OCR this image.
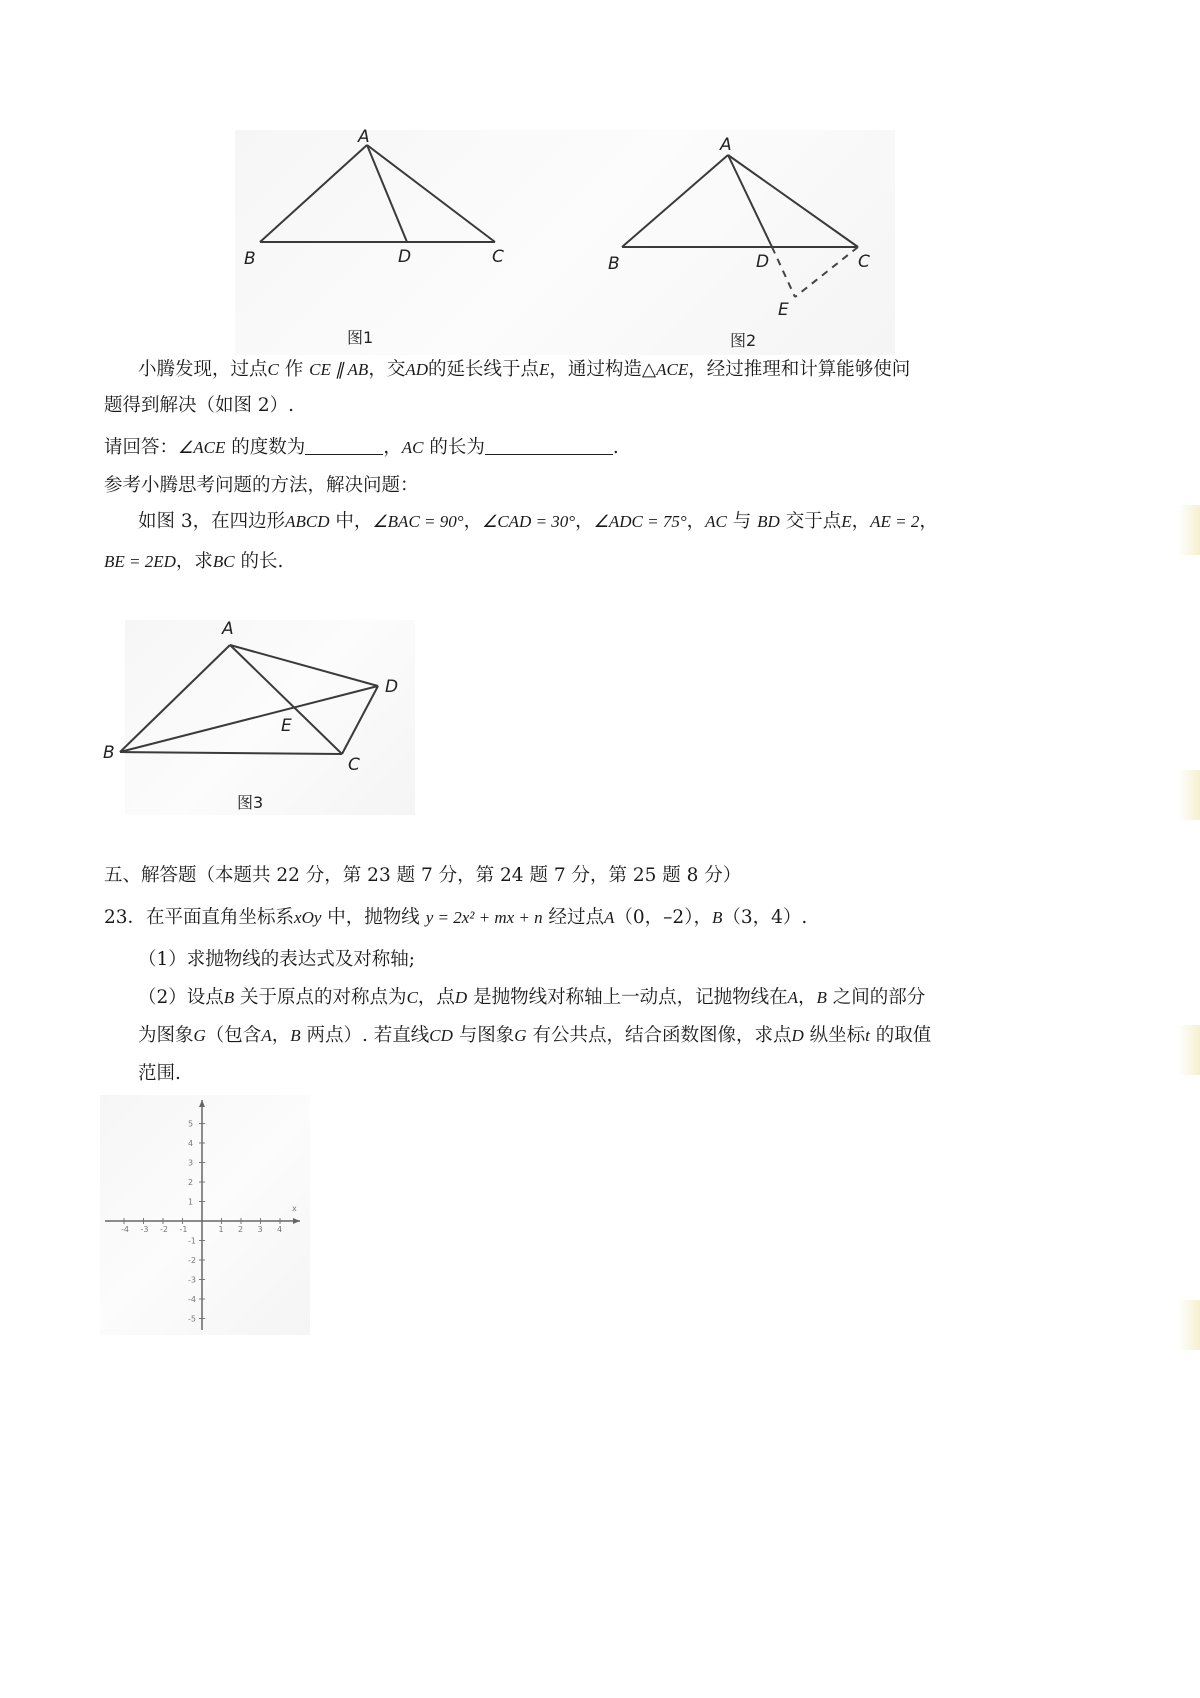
A
B	C
D
图1
A
B	C
D
E
图2
小腾发现，过点C 作 CE ∥ AB，交AD的延长线于点E，通过构造△ACE，经过推理和计算能够使问
题得到解决（如图 2）.
请回答：∠ACE 的度数为	，AC 的长为	.
参考小腾思考问题的方法，解决问题：
如图 3，在四边形ABCD 中，∠BAC = 90°，∠CAD = 30°，∠ADC = 75°，AC 与 BD 交于点E，AE = 2，
BE = 2ED，求BC 的长.
A
B
C
D
E
图3
五、解答题（本题共 22 分，第 23 题 7 分，第 24 题 7 分，第 25 题 8 分）
23．在平面直角坐标系xOy 中，抛物线 y = 2x² + mx + n 经过点A（0，–2），B（3，4）.
（1）求抛物线的表达式及对称轴;
（2）设点B 关于原点的对称点为C，点D 是抛物线对称轴上一动点，记抛物线在A，B 之间的部分
为图象G（包含A，B 两点）. 若直线CD 与图象G 有公共点，结合函数图像，求点D 纵坐标t 的取值
范围.
x
-4 -3 -2 -1	1 2 3 4
5
4
3
2
1
-1
-2
-3
-4
-5
